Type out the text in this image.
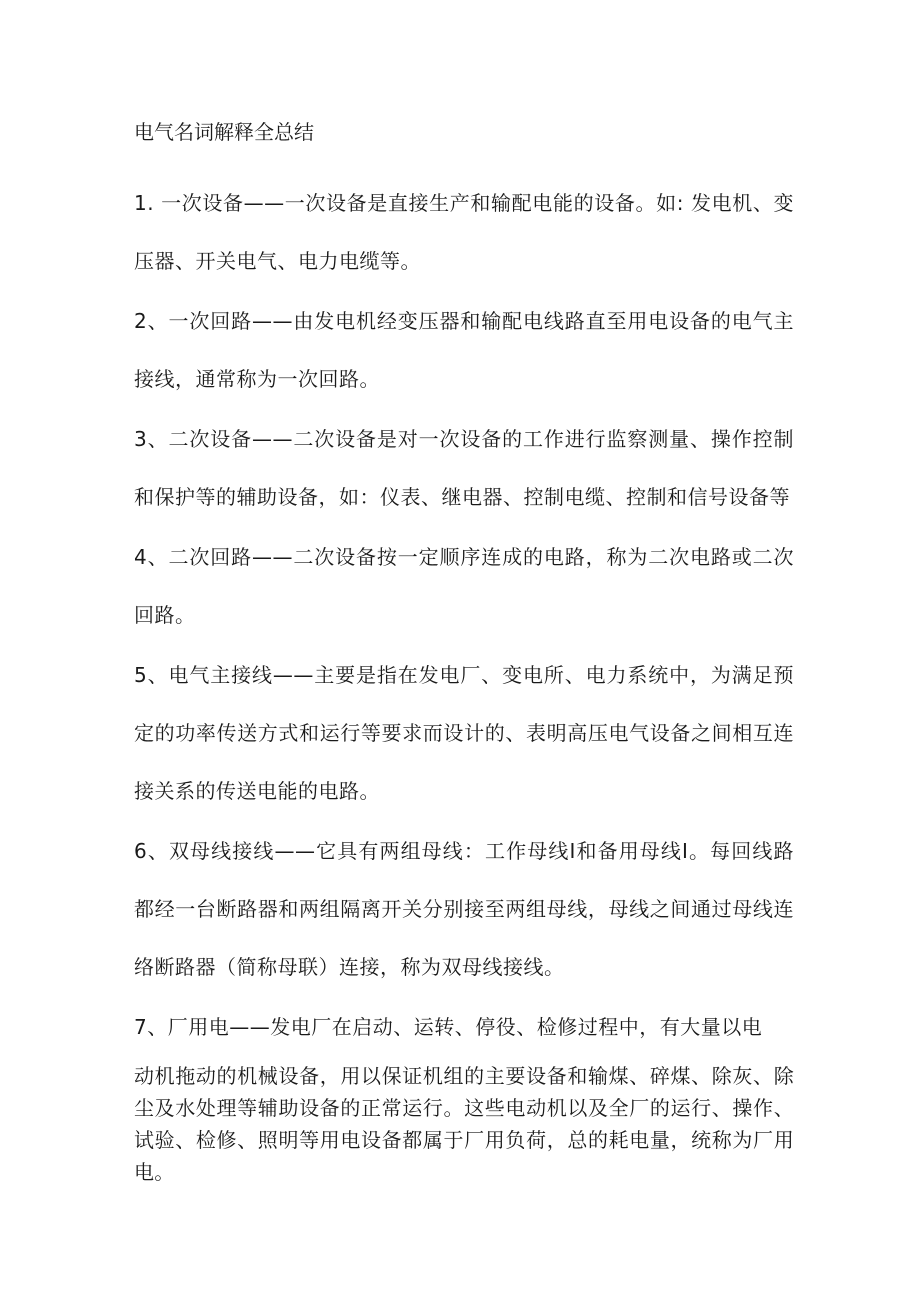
电气名词解释全总结

1. 一次设备——一次设备是直接生产和输配电能的设备。如: 发电机、变压器、开关电气、电力电缆等。

2、一次回路——由发电机经变压器和输配电线路直至用电设备的电气主接线，通常称为一次回路。

3、二次设备——二次设备是对一次设备的工作进行监察测量、操作控制和保护等的辅助设备，如：仪表、继电器、控制电缆、控制和信号设备等

4、二次回路——二次设备按一定顺序连成的电路，称为二次电路或二次回路。

5、电气主接线——主要是指在发电厂、变电所、电力系统中，为满足预定的功率传送方式和运行等要求而设计的、表明高压电气设备之间相互连接关系的传送电能的电路。

6、双母线接线——它具有两组母线：工作母线Ⅰ和备用母线Ⅰ。每回线路都经一台断路器和两组隔离开关分别接至两组母线，母线之间通过母线连络断路器（简称母联）连接，称为双母线接线。

7、厂用电——发电厂在启动、运转、停役、检修过程中，有大量以电

动机拖动的机械设备，用以保证机组的主要设备和输煤、碎煤、除灰、除尘及水处理等辅助设备的正常运行。这些电动机以及全厂的运行、操作、试验、检修、照明等用电设备都属于厂用负荷，总的耗电量，统称为厂用电。
